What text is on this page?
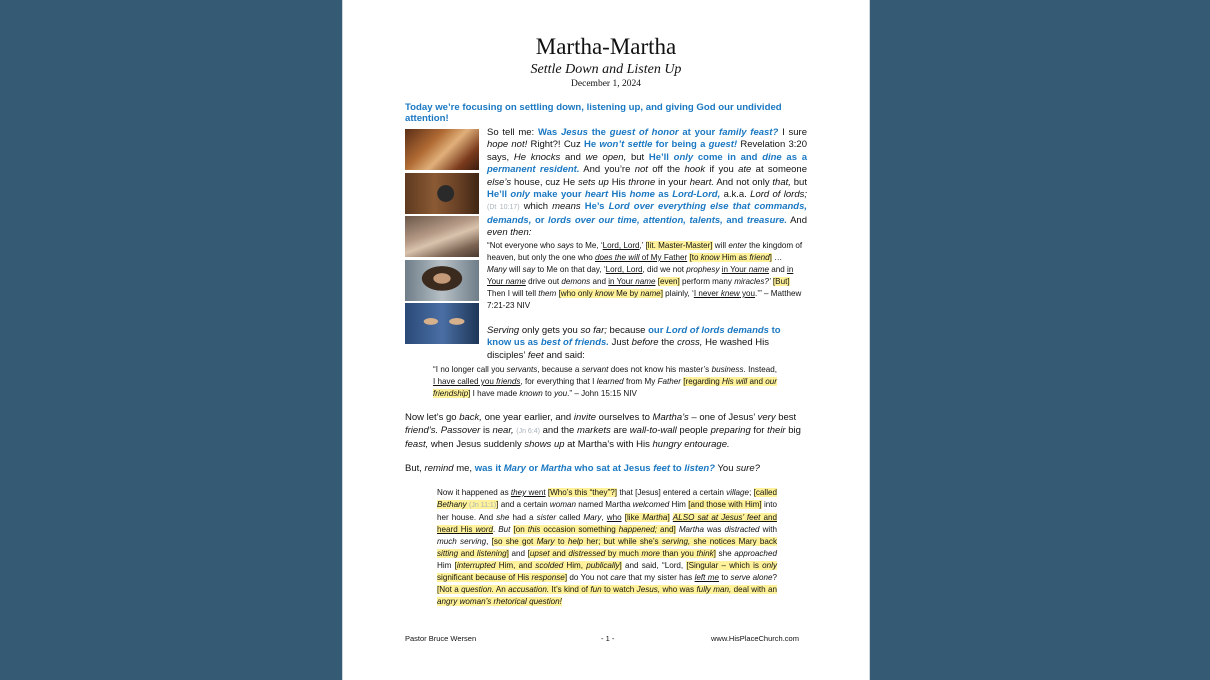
Martha-Martha
Settle Down and Listen Up
December 1, 2024
Today we’re focusing on settling down, listening up, and giving God our undivided attention!
So tell me: Was Jesus the guest of honor at your family feast? I sure hope not! Right?! Cuz He won’t settle for being a guest! Revelation 3:20 says, He knocks and we open, but He’ll only come in and dine as a permanent resident. And you’re not off the hook if you ate at someone else’s house, cuz He sets up His throne in your heart. And not only that, but He’ll only make your heart His home as Lord-Lord, a.k.a. Lord of lords; (Dt 10:17) which means He’s Lord over everything else that commands, demands, or lords over our time, attention, talents, and treasure. And even then:
“Not everyone who says to Me, ‘Lord, Lord,’ [lit. Master-Master] will enter the kingdom of heaven, but only the one who does the will of My Father [to know Him as friend] … Many will say to Me on that day, ‘Lord, Lord, did we not prophesy in Your name and in Your name drive out demons and in Your name [even] perform many miracles?’ [But] Then I will tell them [who only know Me by name] plainly, ‘I never knew you.’” – Matthew 7:21-23 NIV
Serving only gets you so far; because our Lord of lords demands to know us as best of friends. Just before the cross, He washed His disciples’ feet and said:
“I no longer call you servants, because a servant does not know his master’s business. Instead, I have called you friends, for everything that I learned from My Father [regarding His will and our friendship] I have made known to you.” – John 15:15 NIV
Now let’s go back, one year earlier, and invite ourselves to Martha’s – one of Jesus’ very best friend’s. Passover is near, (Jn 6:4) and the markets are wall-to-wall people preparing for their big feast, when Jesus suddenly shows up at Martha’s with His hungry entourage.
But, remind me, was it Mary or Martha who sat at Jesus feet to listen? You sure?
Now it happened as they went [Who’s this “they”?] that [Jesus] entered a certain village; [called Bethany (Jn 11:1)] and a certain woman named Martha welcomed Him [and those with Him] into her house. And she had a sister called Mary, who [like Martha] ALSO sat at Jesus’ feet and heard His word. But [on this occasion something happened; and] Martha was distracted with much serving, [so she got Mary to help her; but while she’s serving, she notices Mary back sitting and listening] and [upset and distressed by much more than you think] she approached Him [interrupted Him, and scolded Him, publically] and said, “Lord, [Singular – which is only significant because of His response] do You not care that my sister has left me to serve alone? [Not a question. An accusation. It’s kind of fun to watch Jesus, who was fully man, deal with an angry woman’s rhetorical question!
Pastor Bruce Wersen	- 1 -	www.HisPlaceChurch.com
